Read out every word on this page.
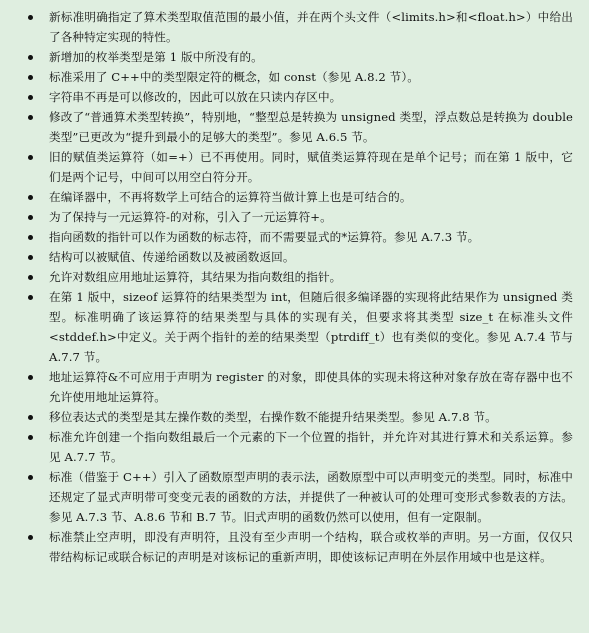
新标准明确指定了算术类型取值范围的最小值，并在两个头文件（<limits.h>和<float.h>）中给出了各种特定实现的特性。
新增加的枚举类型是第 1 版中所没有的。
标准采用了 C++中的类型限定符的概念，如 const（参见 A.8.2 节）。
字符串不再是可以修改的，因此可以放在只读内存区中。
修改了“普通算术类型转换”，特别地，“整型总是转换为 unsigned 类型，浮点数总是转换为 double 类型”已更改为“提升到最小的足够大的类型”。参见 A.6.5 节。
旧的赋值类运算符（如=+）已不再使用。同时，赋值类运算符现在是单个记号；而在第 1 版中，它们是两个记号，中间可以用空白符分开。
在编译器中，不再将数学上可结合的运算符当做计算上也是可结合的。
为了保持与一元运算符-的对称，引入了一元运算符+。
指向函数的指针可以作为函数的标志符，而不需要显式的*运算符。参见 A.7.3 节。
结构可以被赋值、传递给函数以及被函数返回。
允许对数组应用地址运算符，其结果为指向数组的指针。
在第 1 版中，sizeof 运算符的结果类型为 int，但随后很多编译器的实现将此结果作为 unsigned 类型。标准明确了该运算符的结果类型与具体的实现有关，但要求将其类型 size_t 在标准头文件<stddef.h>中定义。关于两个指针的差的结果类型（ptrdiff_t）也有类似的变化。参见 A.7.4 节与 A.7.7 节。
地址运算符&不可应用于声明为 register 的对象，即使具体的实现未将这种对象存放在寄存器中也不允许使用地址运算符。
移位表达式的类型是其左操作数的类型，右操作数不能提升结果类型。参见 A.7.8 节。
标准允许创建一个指向数组最后一个元素的下一个位置的指针，并允许对其进行算术和关系运算。参见 A.7.7 节。
标准（借鉴于 C++）引入了函数原型声明的表示法，函数原型中可以声明变元的类型。同时，标准中还规定了显式声明带可变变元表的函数的方法，并提供了一种被认可的处理可变形式参数表的方法。参见 A.7.3 节、A.8.6 节和 B.7 节。旧式声明的函数仍然可以使用，但有一定限制。
标准禁止空声明，即没有声明符，且没有至少声明一个结构，联合或枚举的声明。另一方面，仅仅只带结构标记或联合标记的声明是对该标记的重新声明，即使该标记声明在外层作用域中也是这样。
